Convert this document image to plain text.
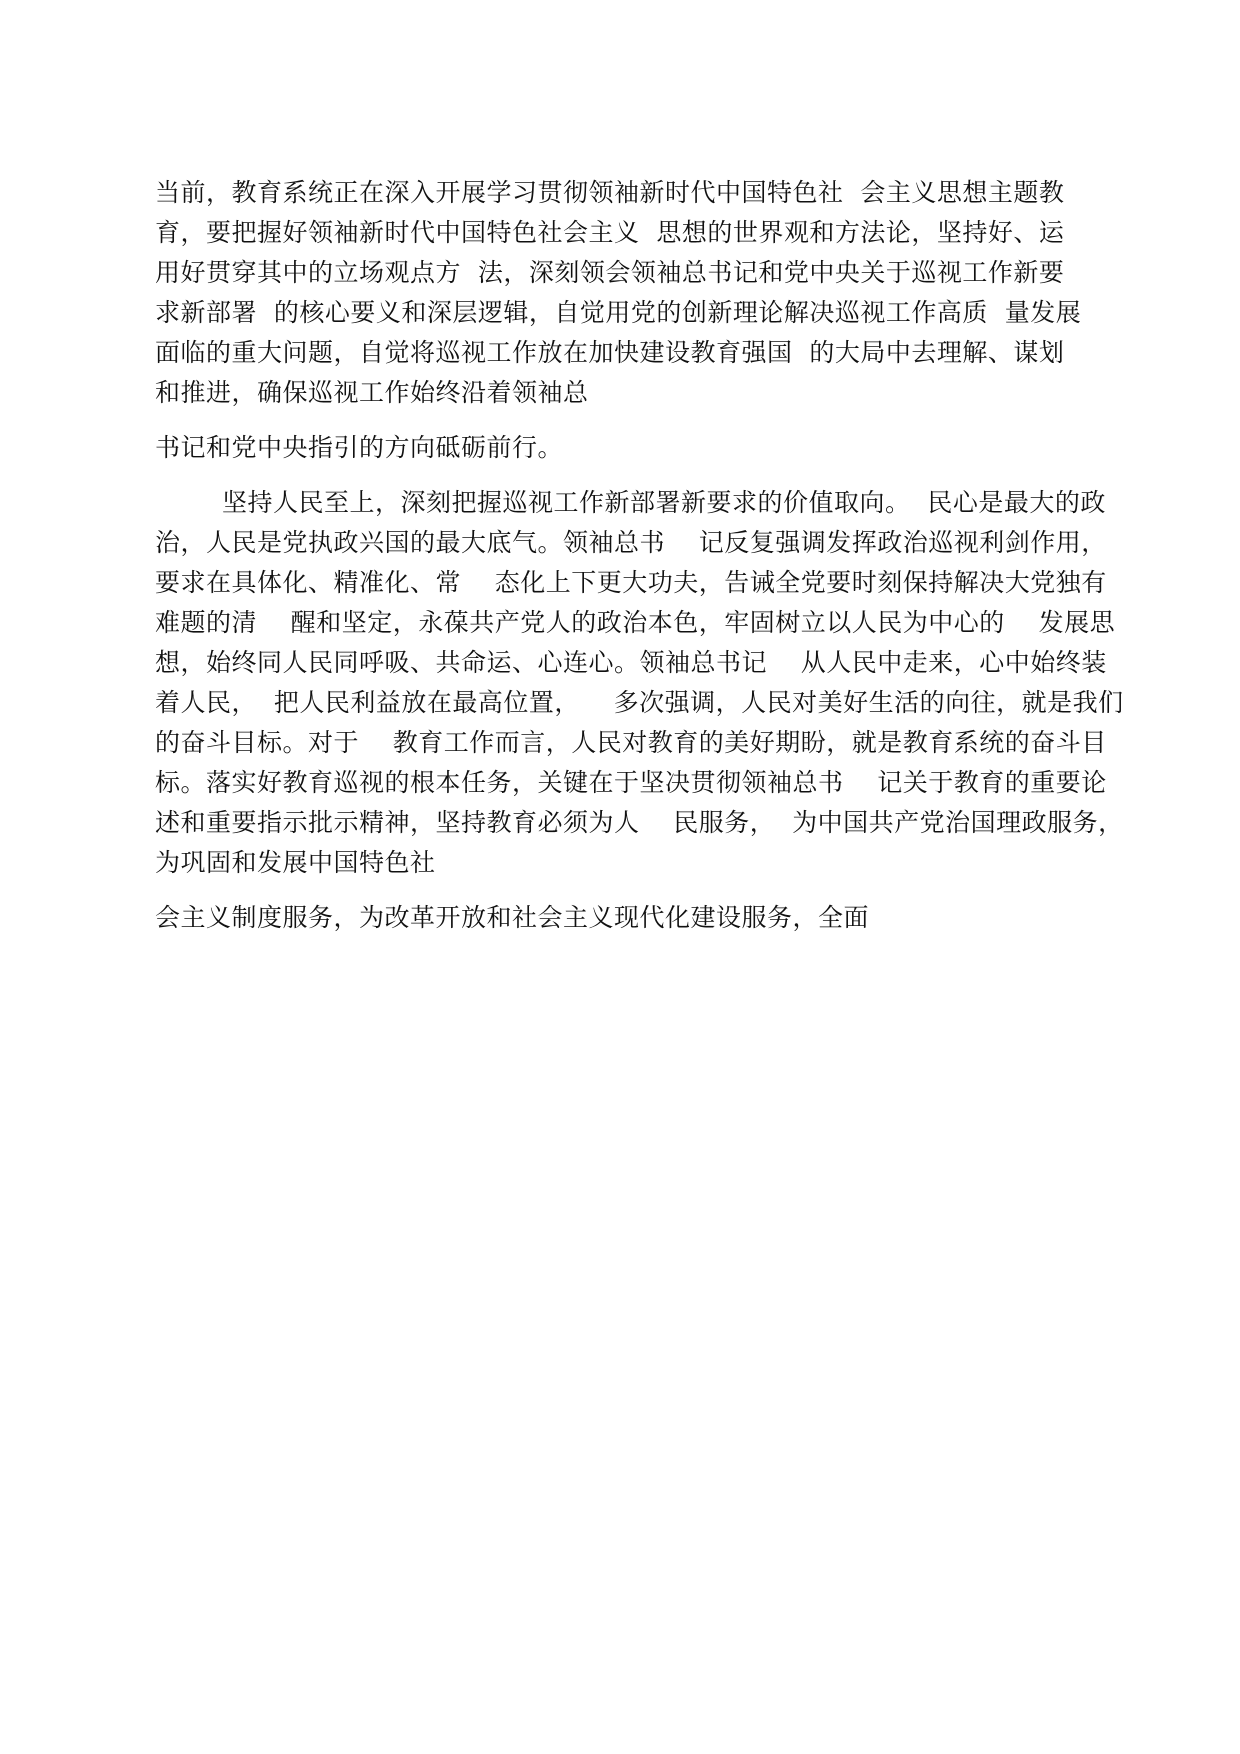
当前，教育系统正在深入开展学习贯彻领袖新时代中国特色社  会主义思想主题教
育，要把握好领袖新时代中国特色社会主义  思想的世界观和方法论，坚持好、运
用好贯穿其中的立场观点方  法，深刻领会领袖总书记和党中央关于巡视工作新要
求新部署  的核心要义和深层逻辑，自觉用党的创新理论解决巡视工作高质  量发展
面临的重大问题，自觉将巡视工作放在加快建设教育强国  的大局中去理解、谋划
和推进，确保巡视工作始终沿着领袖总
书记和党中央指引的方向砥砺前行。
坚持人民至上，深刻把握巡视工作新部署新要求的价值取向。  民心是最大的政
治，人民是党执政兴国的最大底气。领袖总书    记反复强调发挥政治巡视利剑作用，
要求在具体化、精准化、常    态化上下更大功夫，告诫全党要时刻保持解决大党独有
难题的清    醒和坚定，永葆共产党人的政治本色，牢固树立以人民为中心的    发展思
想，始终同人民同呼吸、共命运、心连心。领袖总书记    从人民中走来，心中始终装
着人民，  把人民利益放在最高位置，    多次强调，人民对美好生活的向往，就是我们
的奋斗目标。对于    教育工作而言，人民对教育的美好期盼，就是教育系统的奋斗目
标。落实好教育巡视的根本任务，关键在于坚决贯彻领袖总书    记关于教育的重要论
述和重要指示批示精神，坚持教育必须为人    民服务，  为中国共产党治国理政服务，
为巩固和发展中国特色社
会主义制度服务，为改革开放和社会主义现代化建设服务，全面
